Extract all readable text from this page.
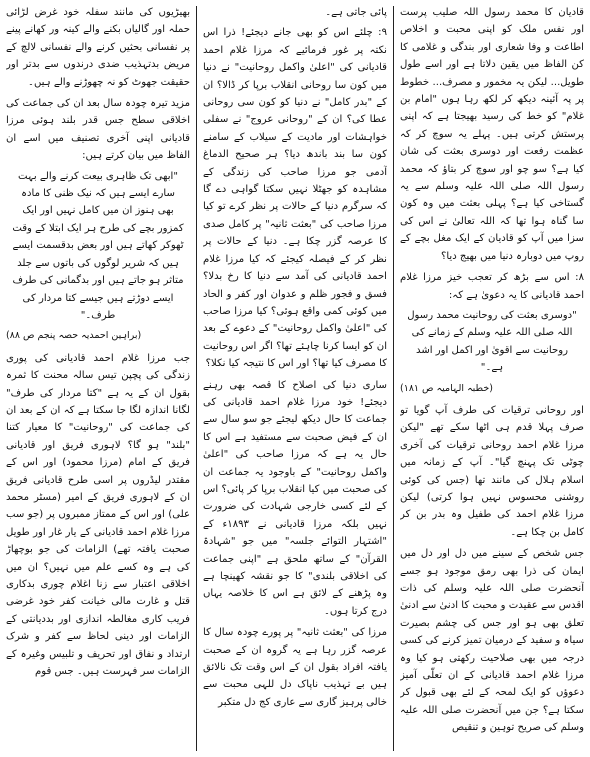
قادیان کا محمد رسول اللہ صلیب پرست اور نفس ملک کو اپنی محبت و اخلاص اطاعت و وفا شعاری اور بندگی و غلامی کا کن الفاظ میں یقین دلاتا ہے اور اسے طول طویل... لیکن یہ مخمور و مصرف... خطوط پر پہ آئینہ دیکھ کر لکھ رہا ہوں "امام بن غلام" کو خط کی رسید بھیجتا ہے کہ اپنی پرستش کرتی ہیں۔ پہلے یہ سوچ کر کہ عظمت رفعت اور دوسری بعثت کی شان کیا ہے؟ سو چو اور سوچ کر بتاؤ کہ محمد رسول اللہ صلی اللہ علیہ وسلم سے یہ گستاخی کیا ہے؟ پہلی بعثت میں وہ کون سا گناہ ہوا تھا کہ اللہ تعالیٰ نے اس کی سزا میں آپ کو قادیان کے ایک مغل بچے کے روپ میں دوبارہ دنیا میں بھیج دیا؟

۸: اس سے بڑھ کر تعجب خیز مرزا غلام احمد قادیانی کا یہ دعویٰ ہے کہ:

"دوسری بعثت کی روحانیت محمد رسول اللہ صلی اللہ علیہ وسلم کے زمانے کی روحانیت سے اقویٰ اور اکمل اور اشد ہے۔"

(خطبہ الہامیہ ص ۱۸۱)

اور روحانی ترقیات کی طرف آپ گویا تو صرف پہلا قدم ہی اٹھا سکے تھے "لیکن مرزا غلام احمد روحانی ترقیات کی آخری چوٹی تک پہنچ گیا"۔ آپ کے زمانہ میں اسلام ہلال کی مانند تھا (جس کی کوئی روشنی محسوس نہیں ہوا کرتی) لیکن مرزا غلام احمد کی طفیل وہ بدر بن کر کامل بن چکا ہے۔

جس شخص کے سینے میں دل اور دل میں ایمان کی ذرا بھی رمق موجود ہو جسے آنحضرت صلی اللہ علیہ وسلم کی ذات اقدس سے عقیدت و محبت کا ادنیٰ سے ادنیٰ تعلق بھی ہو اور جس کی چشم بصیرت سیاہ و سفید کے درمیان تمیز کرنے کی کسی درجہ میں بھی صلاحیت رکھتی ہو کیا وہ مرزا غلام احمد قادیانی کے ان تعلّی آمیز دعوؤں کو ایک لمحہ کے لئے بھی قبول کر سکتا ہے؟ جن میں آنحضرت صلی اللہ علیہ وسلم کی صریح توہین و تنقیص

پائی جاتی ہے۔

۹: چلئے اس کو بھی جانے دیجئے! ذرا اس نکتہ پر غور فرمائیے کہ مرزا غلام احمد قادیانی کی "اعلیٰ واکمل روحانیت" نے دنیا میں کون سا روحانی انقلاب برپا کر ڈالا؟ ان کے "بدر کامل" نے دنیا کو کون سی روحانی عطا کی؟ ان کے "روحانی عروج" نے سفلی خواہشات اور مادیت کے سیلاب کے سامنے کون سا بند باندھ دیا؟ ہر صحیح الدماغ آدمی جو مرزا صاحب کی زندگی کے مشاہدہ کو جھٹلا نہیں سکتا گواہی دے گا کہ سرگرم دنیا کے حالات پر نظر کرے تو کیا مرزا صاحب کی "بعثت ثانیہ" پر کامل صدی کا عرصہ گزر چکا ہے۔ دنیا کے حالات پر نظر کر کے فیصلہ کیجئے کہ کیا مرزا غلام احمد قادیانی کی آمد سے دنیا کا رخ بدلا؟ فسق و فجور ظلم و عدوان اور کفر و الحاد میں کوئی کمی واقع ہوئی؟ کیا مرزا صاحب کی "اعلیٰ واکمل روحانیت" کے دعوے کے بعد ان کو ایسا کرنا چاہئے تھا؟ اگر اس روحانیت کا مصرف کیا تھا؟ اور اس کا نتیجہ کیا نکلا؟

ساری دنیا کی اصلاح کا قصہ بھی رہنے دیجئے! خود مرزا غلام احمد قادیانی کی جماعت کا حال دیکھ لیجئے جو سو سال سے ان کے فیض صحبت سے مستفید ہے اس کا حال یہ ہے کہ مرزا صاحب کی "اعلیٰ واکمل روحانیت" کے باوجود یہ جماعت ان کی صحبت میں کیا انقلاب برپا کر پائی؟ اس کے لئے کسی خارجی شہادت کی ضرورت نہیں بلکہ مرزا قادیانی نے ۱۸۹۳ء کے "اشتہار التوائے جلسہ" میں جو "شہادۃ القرآن" کے ساتھ ملحق ہے "اپنی جماعت کی اخلاقی بلندی" کا جو نقشہ کھینچا ہے وہ پڑھنے کے لائق ہے اس کا خلاصہ یہاں درج کرتا ہوں۔

مرزا کی "بعثت ثانیہ" پر پورے چودہ سال کا عرصہ گزر رہا ہے یہ گروہ ان کے صحبت یافتہ افراد بقول ان کے اس وقت تک نالائق ہیں بے تہذیب ناپاک دل للہی محبت سے خالی پرہیز گاری سے عاری کج دل متکبر

بھیڑیوں کی مانند سفلہ خود غرض لڑائی حملہ اور گالیاں بکنے والے کینہ ور کھانے پینے پر نفسانی بحثیں کرنے والے نفسانی لالچ کے مریض بدتہذیب ضدی درندوں سے بدتر اور حقیقت جھوٹ کو نہ چھوڑنے والے ہیں۔

مزید تیرہ چودہ سال بعد ان کی جماعت کی اخلاقی سطح جس قدر بلند ہوئی مرزا قادیانی اپنی آخری تصنیف میں اسے ان الفاظ میں بیان کرتے ہیں:

"ابھی تک ظاہری بیعت کرنے والے بہت سارے ایسے ہیں کہ نیک ظنی کا مادہ بھی ہنوز ان میں کامل نہیں اور ایک کمزور بچے کی طرح ہر ایک ابتلا کے وقت ٹھوکر کھاتے ہیں اور بعض بدقسمت ایسے ہیں کہ شریر لوگوں کی باتوں سے جلد متاثر ہو جاتے ہیں اور بدگمانی کی طرف ایسے دوڑتے ہیں جیسے کتا مردار کی طرف۔"

(براہین احمدیہ حصہ پنجم ص ۸۸)

جب مرزا غلام احمد قادیانی کی پوری زندگی کی پچپن تیس سالہ محنت کا ثمرہ بقول ان کے یہ ہے "کتا مردار کی طرف" لگانا اندازہ لگا جا سکتا ہے کہ ان کے بعد ان کی جماعت کی "روحانیت" کا معیار کتنا "بلند" ہو گا؟ لاہوری فریق اور قادیانی فریق کے امام (مرزا محمود) اور اس کے مقتدر لیڈروں پر اسی طرح قادیانی فریق ان کے لاہوری فریق کے امیر (مسٹر محمد علی) اور اس کے ممتاز ممبروں پر (جو سب مرزا غلام احمد قادیانی کے یار غار اور طویل صحبت یافتہ تھے) الزامات کی جو بوچھاڑ کی ہے وہ کسے علم میں نہیں؟ ان میں اخلاقی اعتبار سے زنا اغلام چوری بدکاری قتل و غارت مالی خیانت کفر خود غرضی فریب کاری مغالطہ اندازی اور بددیانتی کے الزامات اور دینی لحاظ سے کفر و شرک ارتداد و نفاق اور تحریف و تلبیس وغیرہ کے الزامات سر فہرست ہیں۔ جس قوم
